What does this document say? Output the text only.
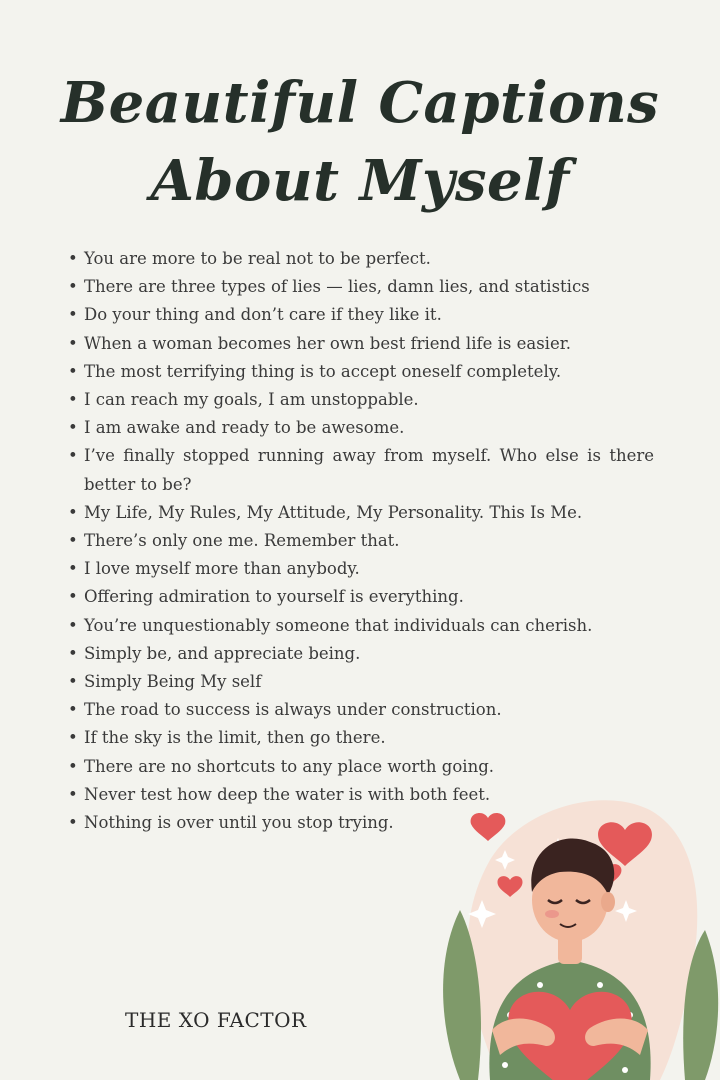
Beautiful Captions
About Myself
• You are more to be real not to be perfect.
• There are three types of lies — lies, damn lies, and statistics
• Do your thing and don’t care if they like it.
• When a woman becomes her own best friend life is easier.
• The most terrifying thing is to accept oneself completely.
• I can reach my goals, I am unstoppable.
• I am awake and ready to be awesome.
• I’ve finally stopped running away from myself. Who else is there better to be?
• My Life, My Rules, My Attitude, My Personality. This Is Me.
• There’s only one me. Remember that.
• I love myself more than anybody.
• Offering admiration to yourself is everything.
• You’re unquestionably someone that individuals can cherish.
• Simply be, and appreciate being.
• Simply Being My self
• The road to success is always under construction.
• If the sky is the limit, then go there.
• There are no shortcuts to any place worth going.
• Never test how deep the water is with both feet.
• Nothing is over until you stop trying.
THE XO FACTOR
